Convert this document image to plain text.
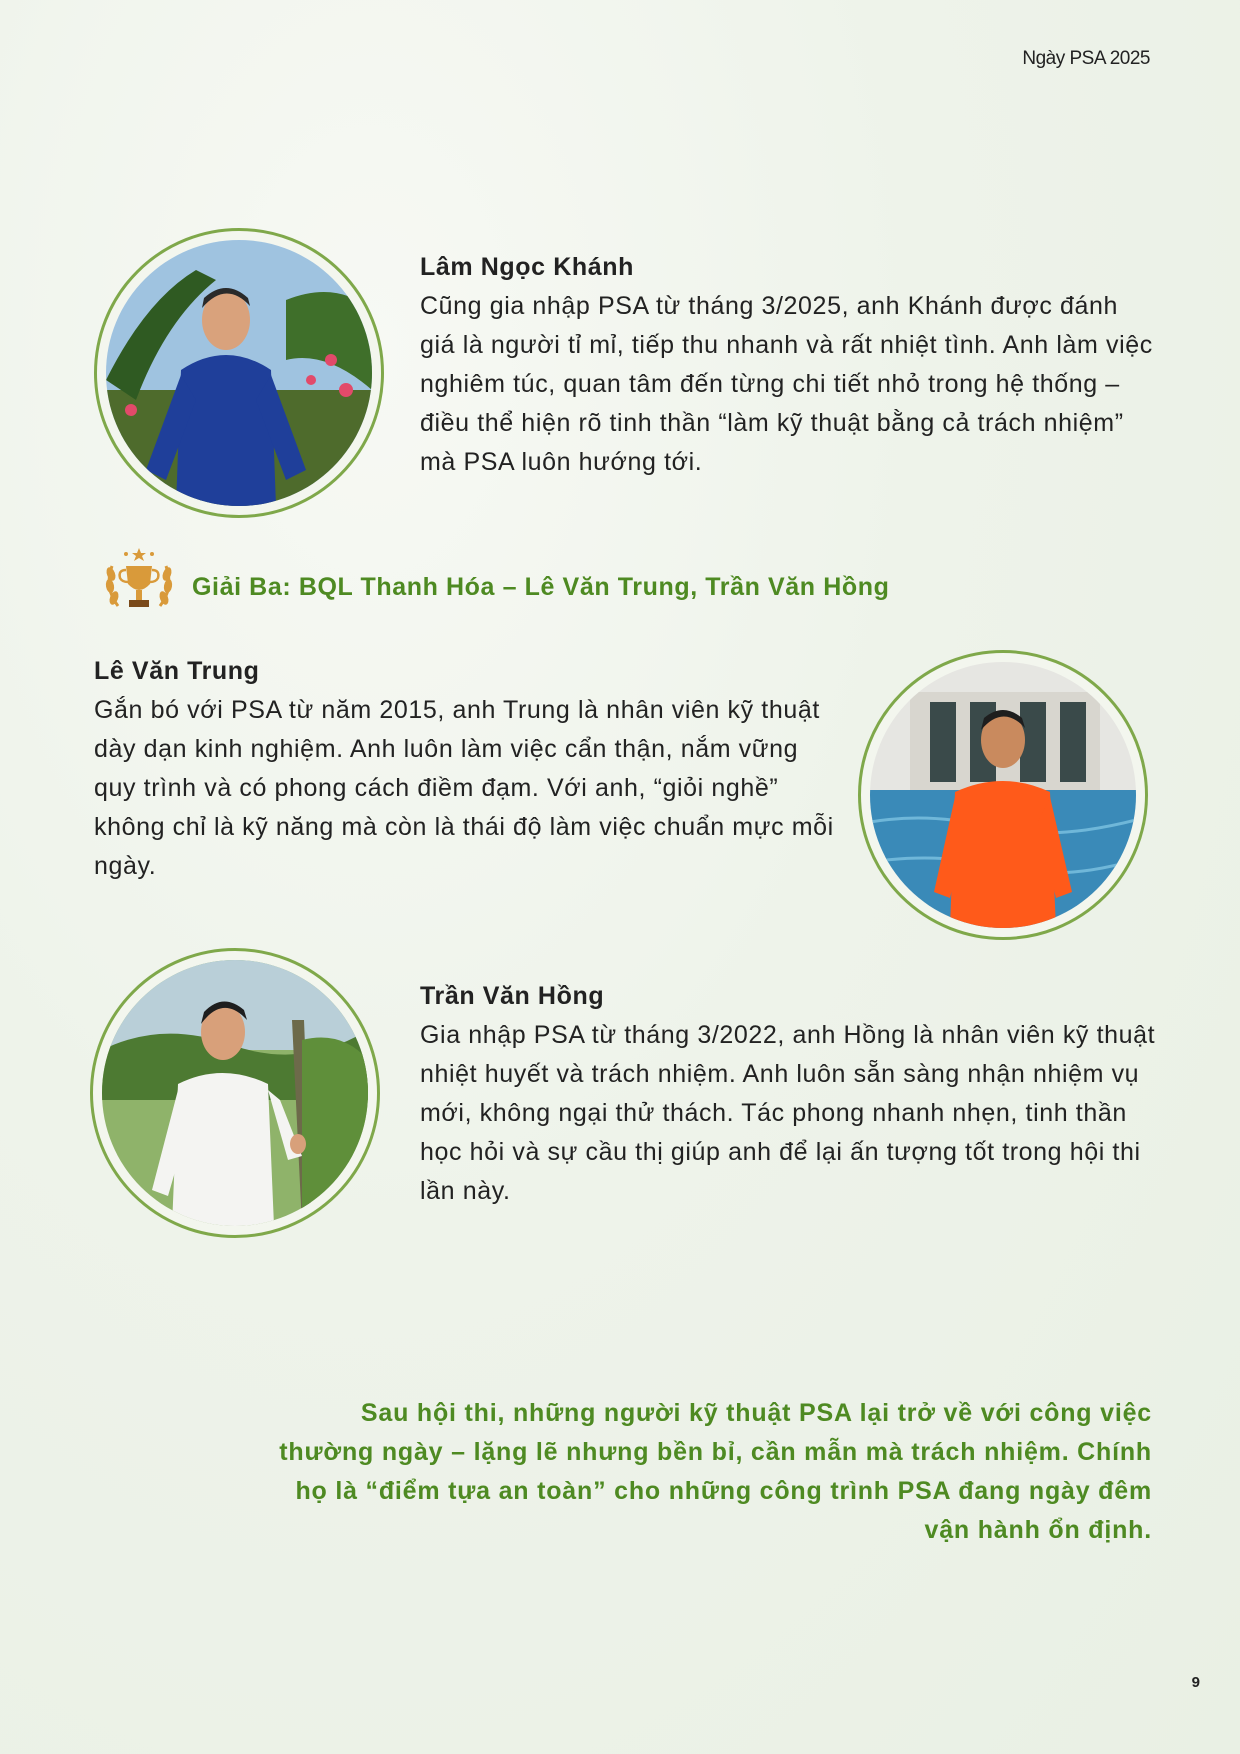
Ngày PSA 2025
Lâm Ngọc Khánh

Cũng gia nhập PSA từ tháng 3/2025, anh Khánh được đánh giá là người tỉ mỉ, tiếp thu nhanh và rất nhiệt tình. Anh làm việc nghiêm túc, quan tâm đến từng chi tiết nhỏ trong hệ thống – điều thể hiện rõ tinh thần “làm kỹ thuật bằng cả trách nhiệm” mà PSA luôn hướng tới.

Giải Ba: BQL Thanh Hóa – Lê Văn Trung, Trần Văn Hồng
Lê Văn Trung

Gắn bó với PSA từ năm 2015, anh Trung là nhân viên kỹ thuật dày dạn kinh nghiệm. Anh luôn làm việc cẩn thận, nắm vững quy trình và có phong cách điềm đạm. Với anh, “giỏi nghề” không chỉ là kỹ năng mà còn là thái độ làm việc chuẩn mực mỗi ngày.

Trần Văn Hồng

Gia nhập PSA từ tháng 3/2022, anh Hồng là nhân viên kỹ thuật nhiệt huyết và trách nhiệm. Anh luôn sẵn sàng nhận nhiệm vụ mới, không ngại thử thách. Tác phong nhanh nhẹn, tinh thần học hỏi và sự cầu thị giúp anh để lại ấn tượng tốt trong hội thi lần này.

Sau hội thi, những người kỹ thuật PSA lại trở về với công việc thường ngày – lặng lẽ nhưng bền bỉ, cần mẫn mà trách nhiệm. Chính họ là “điểm tựa an toàn” cho những công trình PSA đang ngày đêm vận hành ổn định.

9
